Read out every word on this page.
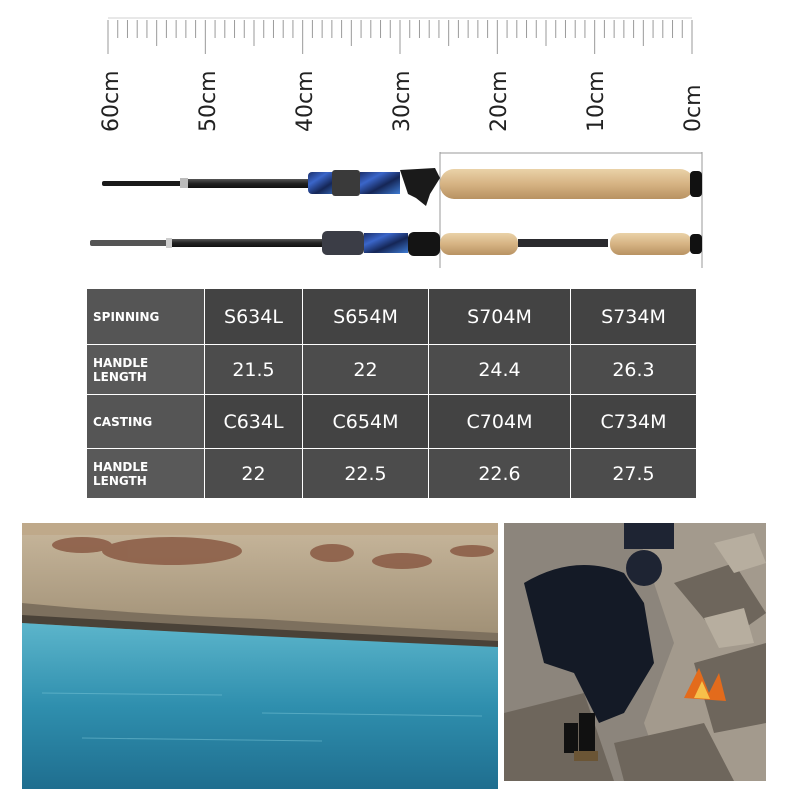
60cm	50cm	40cm	30cm	20cm	10cm	0cm
SPINNING	S634L	S654M	S704M	S734M
HANDLE LENGTH	21.5	22	24.4	26.3
CASTING	C634L	C654M	C704M	C734M
HANDLE LENGTH	22	22.5	22.6	27.5
